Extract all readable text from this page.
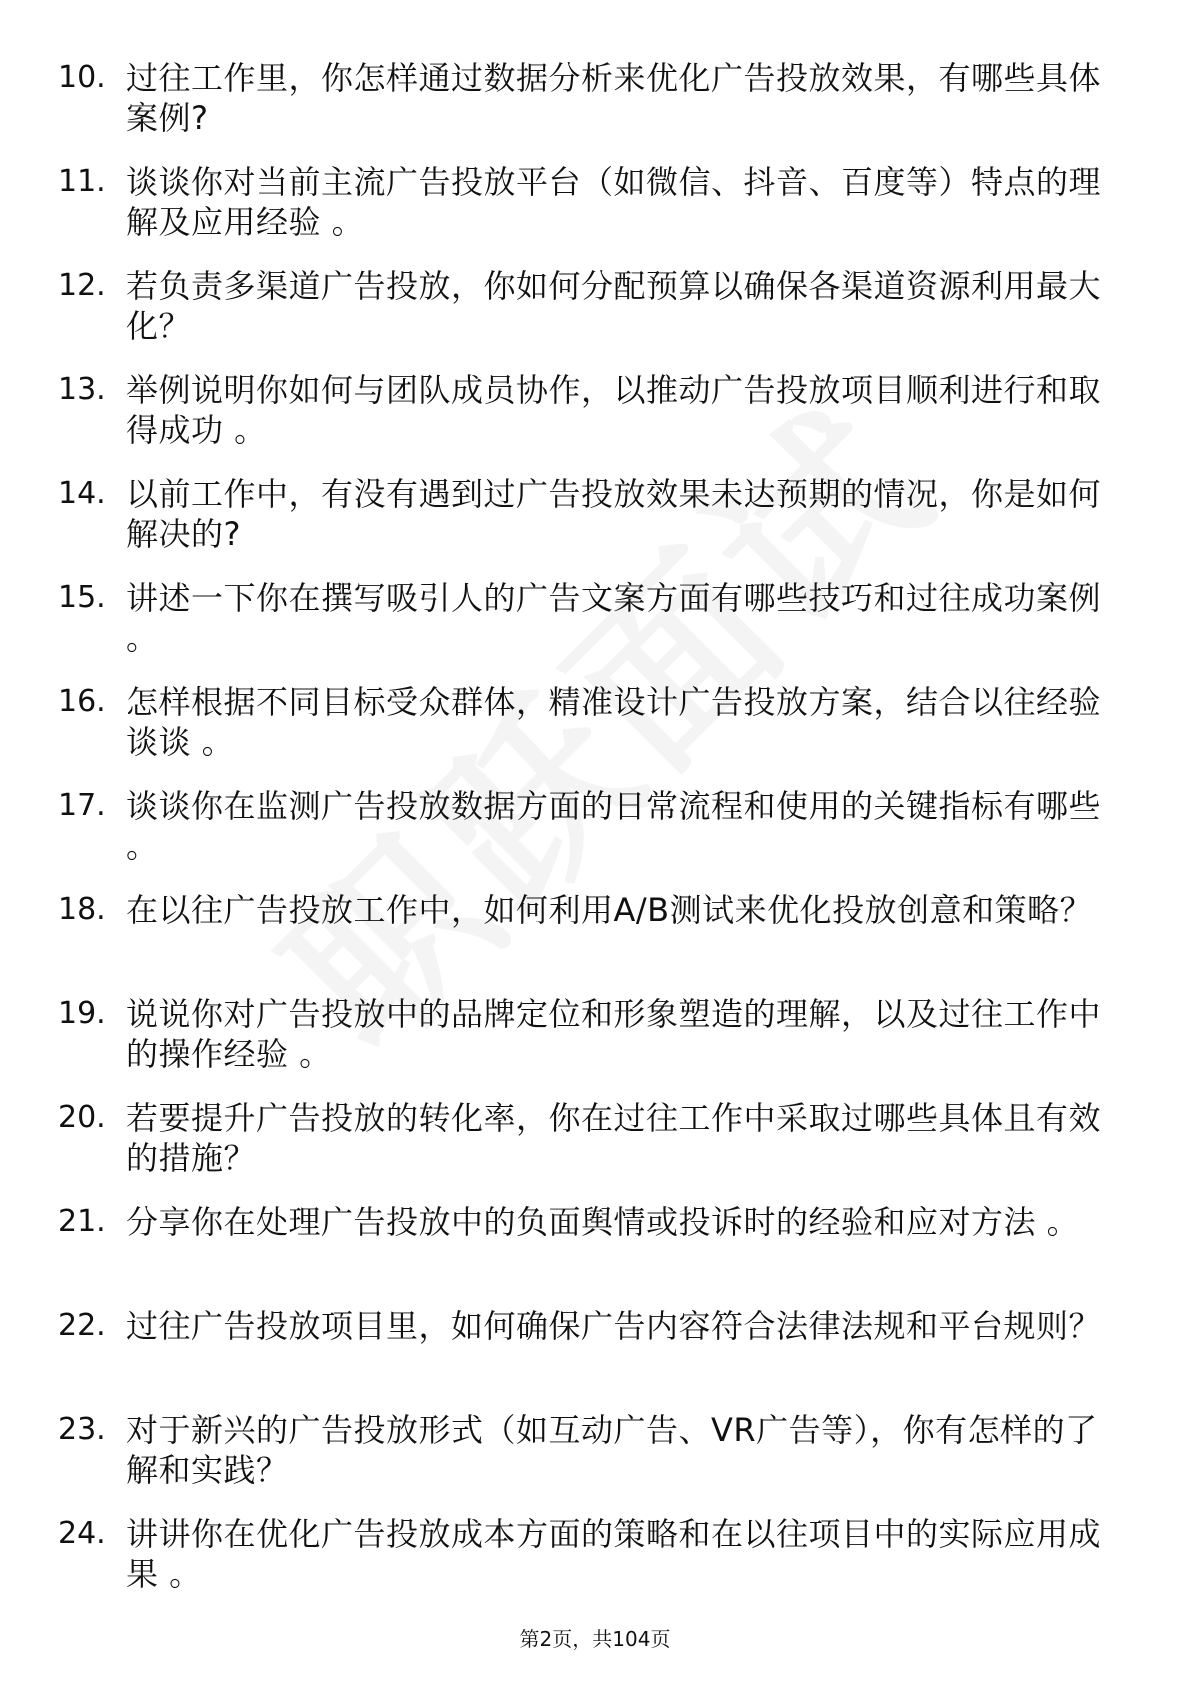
10. 过往工作里，你怎样通过数据分析来优化广告投放效果，有哪些具体案例?
11. 谈谈你对当前主流广告投放平台（如微信、抖音、百度等）特点的理解及应用经验 。
12. 若负责多渠道广告投放，你如何分配预算以确保各渠道资源利用最大化？
13. 举例说明你如何与团队成员协作，以推动广告投放项目顺利进行和取得成功 。
14. 以前工作中，有没有遇到过广告投放效果未达预期的情况，你是如何解决的?
15. 讲述一下你在撰写吸引人的广告文案方面有哪些技巧和过往成功案例 。
16. 怎样根据不同目标受众群体，精准设计广告投放方案，结合以往经验谈谈 。
17. 谈谈你在监测广告投放数据方面的日常流程和使用的关键指标有哪些 。
18. 在以往广告投放工作中，如何利用A/B测试来优化投放创意和策略？
19. 说说你对广告投放中的品牌定位和形象塑造的理解，以及过往工作中的操作经验 。
20. 若要提升广告投放的转化率，你在过往工作中采取过哪些具体且有效的措施？
21. 分享你在处理广告投放中的负面舆情或投诉时的经验和应对方法 。
22. 过往广告投放项目里，如何确保广告内容符合法律法规和平台规则？
23. 对于新兴的广告投放形式（如互动广告、VR广告等），你有怎样的了解和实践？
24. 讲讲你在优化广告投放成本方面的策略和在以往项目中的实际应用成果 。
第2页，共104页
